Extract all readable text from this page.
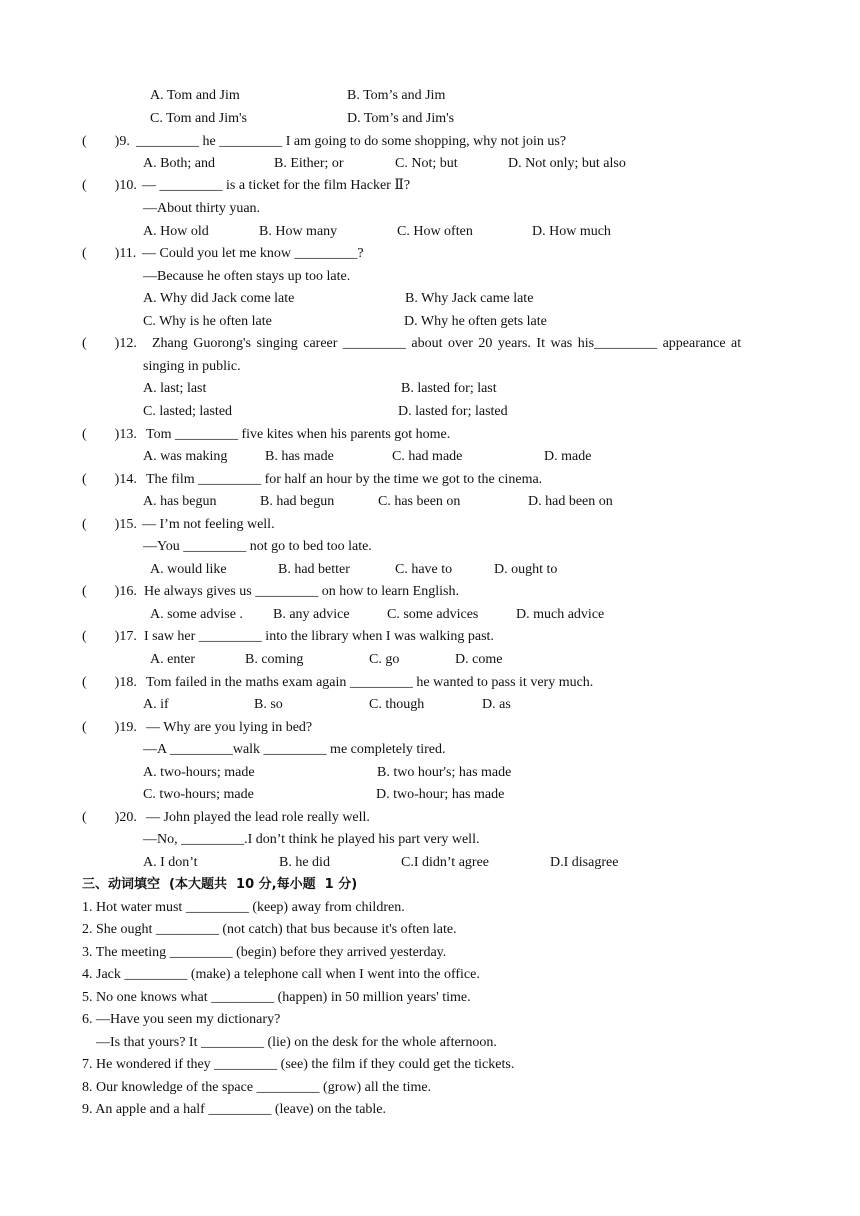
A. Tom and Jim	B. Tom’s and Jim
C. Tom and Jim's	D. Tom’s and Jim's
(        )9. _________ he _________ I am going to do some shopping, why not join us?
A. Both; and	B. Either; or	C. Not; but	D. Not only; but also
(        )10. — _________ is a ticket for the film Hacker Ⅱ?
—About thirty yuan.
A. How old	B. How many	C. How often	D. How much
(        )11. — Could you let me know _________?
—Because he often stays up too late.
A. Why did Jack come late	B. Why Jack came late
C. Why is he often late	D. Why he often gets late
(        )12. Zhang Guorong's singing career _________ about over 20 years. It was his_________ appearance at
singing in public.
A. last; last	B. lasted for; last
C. lasted; lasted	D. lasted for; lasted
(        )13. Tom _________ five kites when his parents got home.
A. was making	B. has made	C. had made	D. made
(        )14. The film _________ for half an hour by the time we got to the cinema.
A. has begun	B. had begun	C. has been on	D. had been on
(        )15. — I’m not feeling well.
—You _________ not go to bed too late.
A. would like	B. had better	C. have to	D. ought to
(        )16. He always gives us _________ on how to learn English.
A. some advise . B. any advice	C. some advices	D. much advice
(        )17. I saw her _________ into the library when I was walking past.
A. enter	B. coming	C. go	D. come
(        )18. Tom failed in the maths exam again _________ he wanted to pass it very much.
A. if	B. so	C. though	D. as
(        )19. — Why are you lying in bed?
—A _________walk _________ me completely tired.
A. two-hours; made	B. two hour's; has made
C. two-hours; made	D. two-hour; has made
(        )20. — John played the lead role really well.
—No, _________.I don’t think he played his part very well.
A. I don’t	B. he did	C.I didn’t agree	D.I disagree
三、动词填空  (本大题共  10 分,每小题  1 分)
1. Hot water must _________ (keep) away from children.
2. She ought _________ (not catch) that bus because it's often late.
3. The meeting _________ (begin) before they arrived yesterday.
4. Jack _________ (make) a telephone call when I went into the office.
5. No one knows what _________ (happen) in 50 million years' time.
6. —Have you seen my dictionary?
—Is that yours? It _________ (lie) on the desk for the whole afternoon.
7. He wondered if they _________ (see) the film if they could get the tickets.
8. Our knowledge of the space _________ (grow) all the time.
9. An apple and a half _________ (leave) on the table.
